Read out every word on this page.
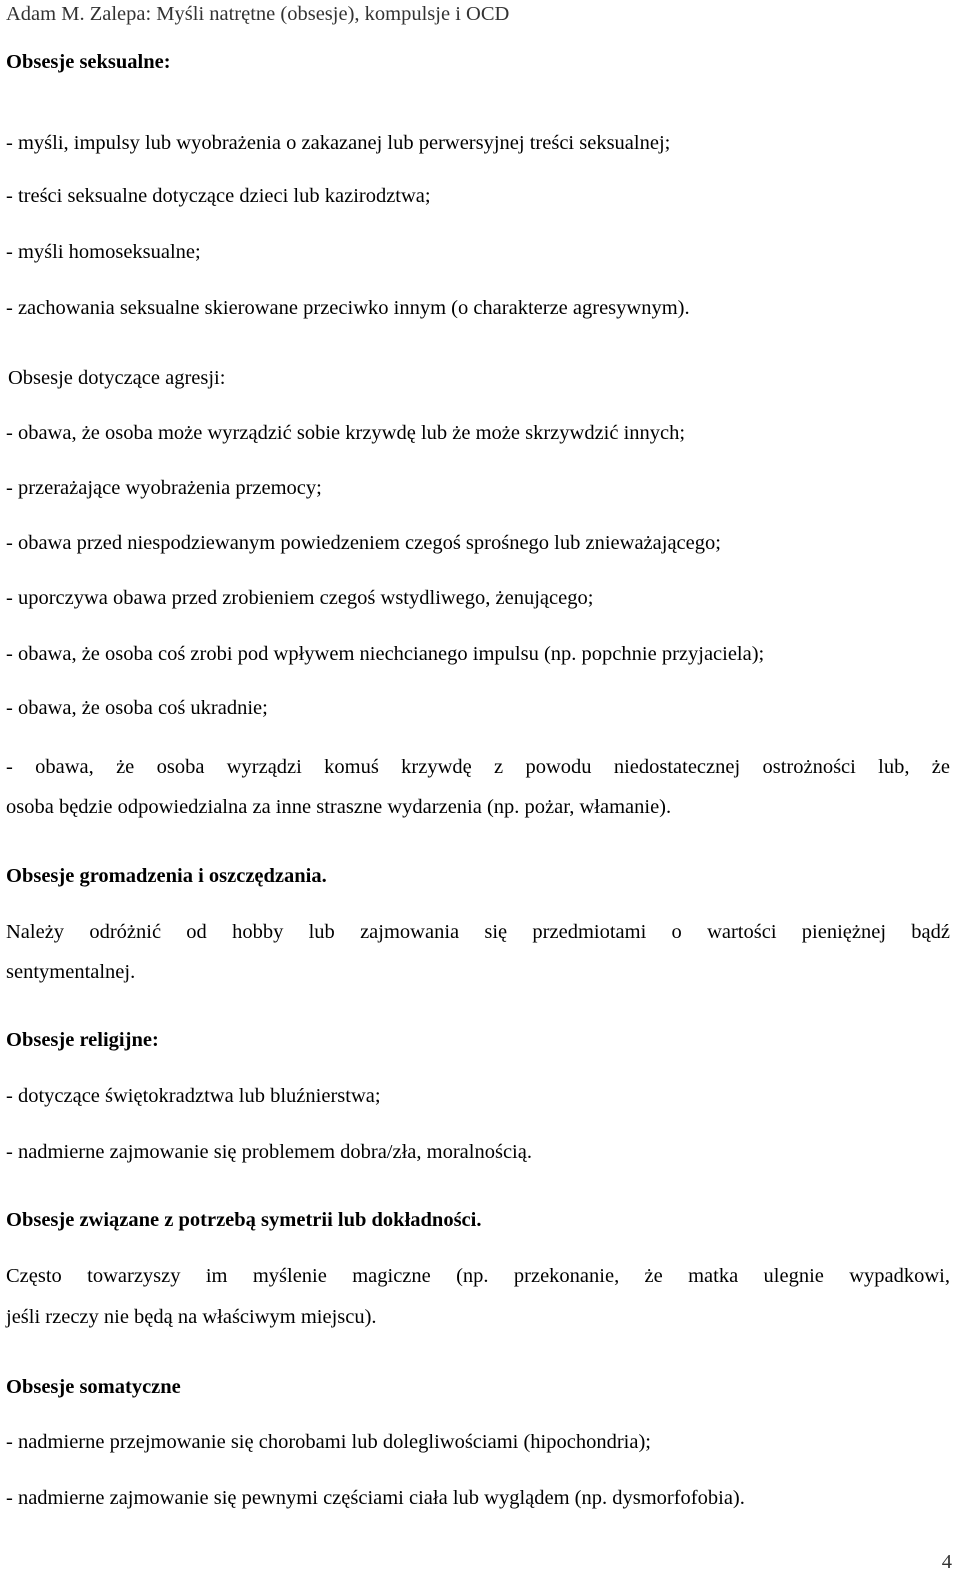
Adam M. Zalepa: Myśli natrętne (obsesje), kompulsje i OCD

Obsesje seksualne:

- myśli, impulsy lub wyobrażenia o zakazanej lub perwersyjnej treści seksualnej;

- treści seksualne dotyczące dzieci lub kazirodztwa;

- myśli homoseksualne;

- zachowania seksualne skierowane przeciwko innym (o charakterze agresywnym).

Obsesje dotyczące agresji:

- obawa, że osoba może wyrządzić sobie krzywdę lub że może skrzywdzić innych;

- przerażające wyobrażenia przemocy;

- obawa przed niespodziewanym powiedzeniem czegoś sprośnego lub znieważającego;

- uporczywa obawa przed zrobieniem czegoś wstydliwego, żenującego;

- obawa, że osoba coś zrobi pod wpływem niechcianego impulsu (np. popchnie przyjaciela);

- obawa, że osoba coś ukradnie;

- obawa, że osoba wyrządzi komuś krzywdę z powodu niedostatecznej ostrożności lub, że

osoba będzie odpowiedzialna za inne straszne wydarzenia (np. pożar, włamanie).

Obsesje gromadzenia i oszczędzania.

Należy odróżnić od hobby lub zajmowania się przedmiotami o wartości pieniężnej bądź

sentymentalnej.

Obsesje religijne:

- dotyczące świętokradztwa lub bluźnierstwa;

- nadmierne zajmowanie się problemem dobra/zła, moralnością.

Obsesje związane z potrzebą symetrii lub dokładności.

Często towarzyszy im myślenie magiczne (np. przekonanie, że matka ulegnie wypadkowi,

jeśli rzeczy nie będą na właściwym miejscu).

Obsesje somatyczne

- nadmierne przejmowanie się chorobami lub dolegliwościami (hipochondria);

- nadmierne zajmowanie się pewnymi częściami ciała lub wyglądem (np. dysmorfofobia).

4
